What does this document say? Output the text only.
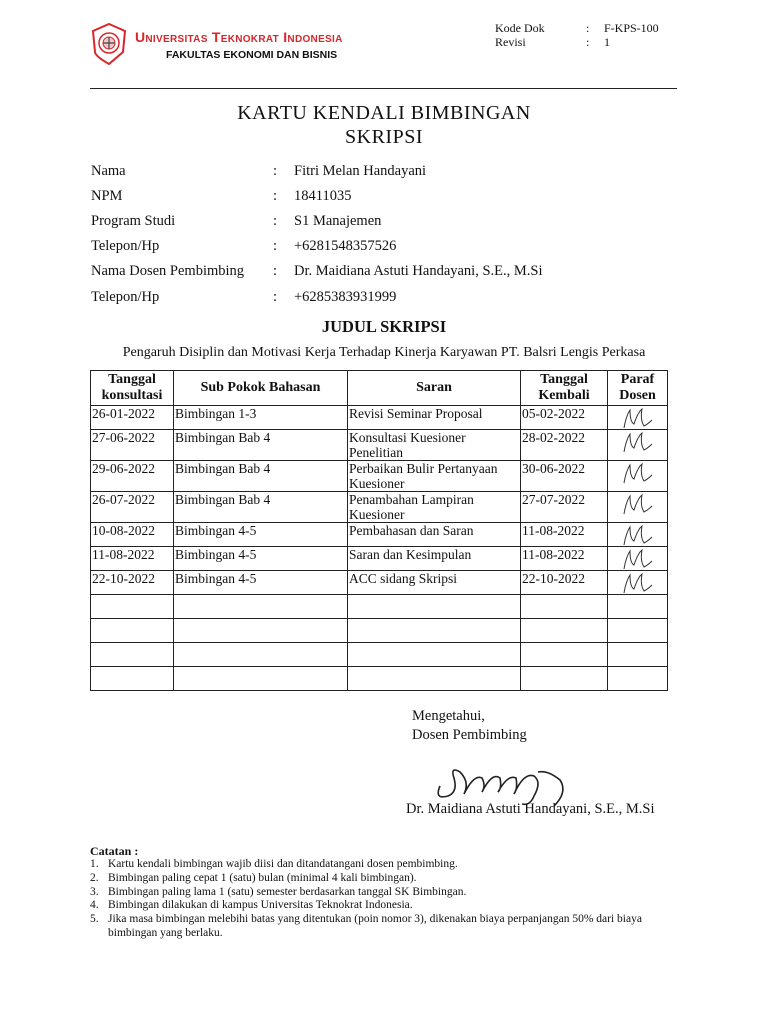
Universitas Teknokrat Indonesia
FAKULTAS EKONOMI DAN BISNIS
Kode Dok	: F-KPS-100
Revisi	: 1
KARTU KENDALI BIMBINGAN
SKRIPSI
Nama	: Fitri Melan Handayani
NPM	: 18411035
Program Studi	: S1 Manajemen
Telepon/Hp	: +6281548357526
Nama Dosen Pembimbing : Dr. Maidiana Astuti Handayani, S.E., M.Si
Telepon/Hp	: +6285383931999
JUDUL SKRIPSI
Pengaruh Disiplin dan Motivasi Kerja Terhadap Kinerja Karyawan PT. Balsri Lengis Perkasa
Tanggal konsultasi	Sub Pokok Bahasan	Saran	Tanggal Kembali	Paraf Dosen
26-01-2022	Bimbingan 1-3	Revisi Seminar Proposal	05-02-2022	

27-06-2022	Bimbingan Bab 4	Konsultasi Kuesioner Penelitian	28-02-2022	

29-06-2022	Bimbingan Bab 4	Perbaikan Bulir Pertanyaan Kuesioner	30-06-2022	

26-07-2022	Bimbingan Bab 4	Penambahan Lampiran Kuesioner	27-07-2022	

10-08-2022	Bimbingan 4-5	Pembahasan dan Saran	11-08-2022	

11-08-2022	Bimbingan 4-5	Saran dan Kesimpulan	11-08-2022	

22-10-2022	Bimbingan 4-5	ACC sidang Skripsi	22-10-2022	

Mengetahui,
Dosen Pembimbing
Dr. Maidiana Astuti Handayani, S.E., M.Si
Catatan :
1. Kartu kendali bimbingan wajib diisi dan ditandatangani dosen pembimbing.
2. Bimbingan paling cepat 1 (satu) bulan (minimal 4 kali bimbingan).
3. Bimbingan paling lama 1 (satu) semester berdasarkan tanggal SK Bimbingan.
4. Bimbingan dilakukan di kampus Universitas Teknokrat Indonesia.
5. Jika masa bimbingan melebihi batas yang ditentukan (poin nomor 3), dikenakan biaya perpanjangan 50% dari biaya bimbingan yang berlaku.
